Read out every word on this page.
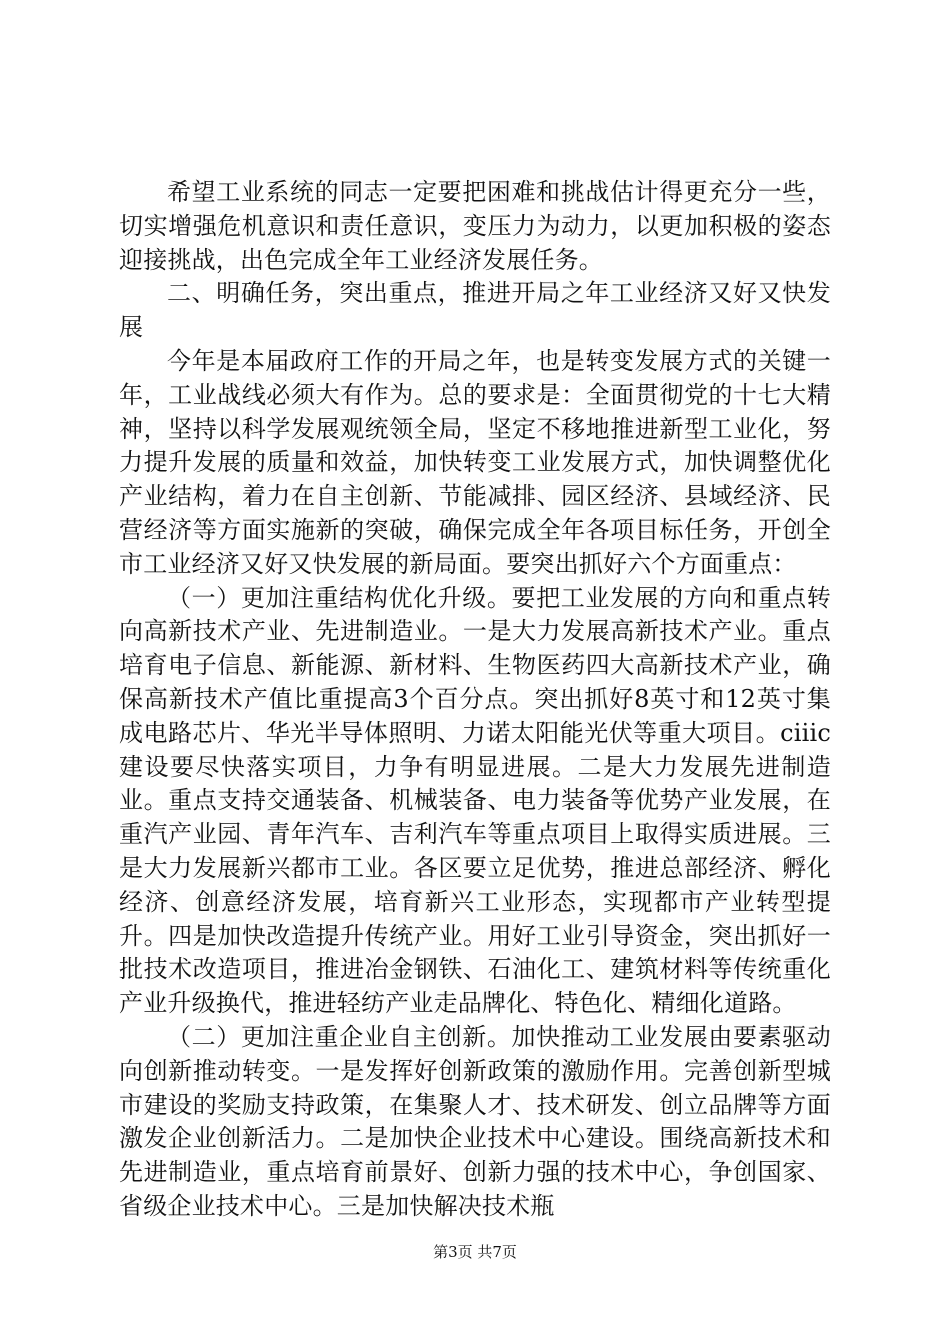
希望工业系统的同志一定要把困难和挑战估计得更充分一些，切实增强危机意识和责任意识，变压力为动力，以更加积极的姿态迎接挑战，出色完成全年工业经济发展任务。

二、明确任务，突出重点，推进开局之年工业经济又好又快发展

今年是本届政府工作的开局之年，也是转变发展方式的关键一年，工业战线必须大有作为。总的要求是：全面贯彻党的十七大精神，坚持以科学发展观统领全局，坚定不移地推进新型工业化，努力提升发展的质量和效益，加快转变工业发展方式，加快调整优化产业结构，着力在自主创新、节能减排、园区经济、县域经济、民营经济等方面实施新的突破，确保完成全年各项目标任务，开创全市工业经济又好又快发展的新局面。要突出抓好六个方面重点：

（一）更加注重结构优化升级。要把工业发展的方向和重点转向高新技术产业、先进制造业。一是大力发展高新技术产业。重点培育电子信息、新能源、新材料、生物医药四大高新技术产业，确保高新技术产值比重提高3个百分点。突出抓好8英寸和12英寸集成电路芯片、华光半导体照明、力诺太阳能光伏等重大项目。ciiic建设要尽快落实项目，力争有明显进展。二是大力发展先进制造业。重点支持交通装备、机械装备、电力装备等优势产业发展，在重汽产业园、青年汽车、吉利汽车等重点项目上取得实质进展。三是大力发展新兴都市工业。各区要立足优势，推进总部经济、孵化经济、创意经济发展，培育新兴工业形态，实现都市产业转型提升。四是加快改造提升传统产业。用好工业引导资金，突出抓好一批技术改造项目，推进冶金钢铁、石油化工、建筑材料等传统重化产业升级换代，推进轻纺产业走品牌化、特色化、精细化道路。

（二）更加注重企业自主创新。加快推动工业发展由要素驱动向创新推动转变。一是发挥好创新政策的激励作用。完善创新型城市建设的奖励支持政策，在集聚人才、技术研发、创立品牌等方面激发企业创新活力。二是加快企业技术中心建设。围绕高新技术和先进制造业，重点培育前景好、创新力强的技术中心，争创国家、省级企业技术中心。三是加快解决技术瓶

第3页 共7页
